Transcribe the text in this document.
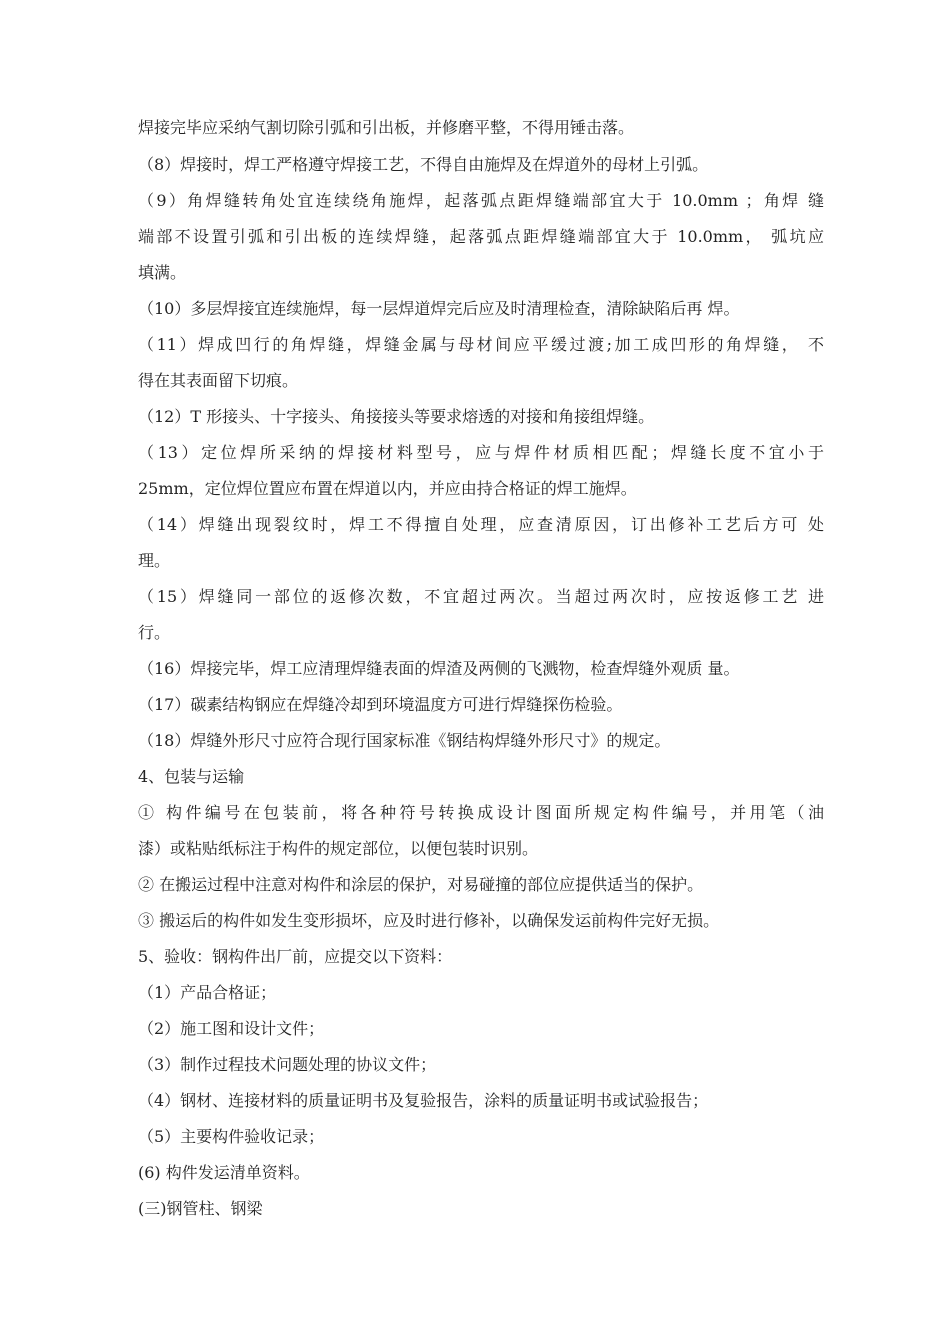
焊接完毕应采纳气割切除引弧和引出板，并修磨平整，不得用锤击落。
（8）焊接时，焊工严格遵守焊接工艺，不得自由施焊及在焊道外的母材上引弧。
（9）角焊缝转角处宜连续绕角施焊，起落弧点距焊缝端部宜大于 10.0mm ；角焊 缝
端部不设置引弧和引出板的连续焊缝，起落弧点距焊缝端部宜大于 10.0mm， 弧坑应
填满。
（10）多层焊接宜连续施焊，每一层焊道焊完后应及时清理检查，清除缺陷后再 焊。
（11）焊成凹行的角焊缝，焊缝金属与母材间应平缓过渡;加工成凹形的角焊缝， 不
得在其表面留下切痕。
（12）T 形接头、十字接头、角接接头等要求熔透的对接和角接组焊缝。
（13）定位焊所采纳的焊接材料型号，应与焊件材质相匹配；焊缝长度不宜小于
25mm，定位焊位置应布置在焊道以内，并应由持合格证的焊工施焊。
（14）焊缝出现裂纹时，焊工不得擅自处理，应查清原因，订出修补工艺后方可 处
理。
（15）焊缝同一部位的返修次数，不宜超过两次。当超过两次时，应按返修工艺 进
行。
（16）焊接完毕，焊工应清理焊缝表面的焊渣及两侧的飞溅物，检查焊缝外观质 量。
（17）碳素结构钢应在焊缝冷却到环境温度方可进行焊缝探伤检验。
（18）焊缝外形尺寸应符合现行国家标准《钢结构焊缝外形尺寸》的规定。
4、包装与运输
① 构件编号在包装前，将各种符号转换成设计图面所规定构件编号，并用笔（油
漆）或粘贴纸标注于构件的规定部位，以便包装时识别。
② 在搬运过程中注意对构件和涂层的保护，对易碰撞的部位应提供适当的保护。
③ 搬运后的构件如发生变形损坏，应及时进行修补，以确保发运前构件完好无损。
5、验收：钢构件出厂前，应提交以下资料：
（1）产品合格证；
（2）施工图和设计文件；
（3）制作过程技术问题处理的协议文件；
（4）钢材、连接材料的质量证明书及复验报告，涂料的质量证明书或试验报告；
（5）主要构件验收记录；
(6) 构件发运清单资料。
(三)钢管柱、钢梁
